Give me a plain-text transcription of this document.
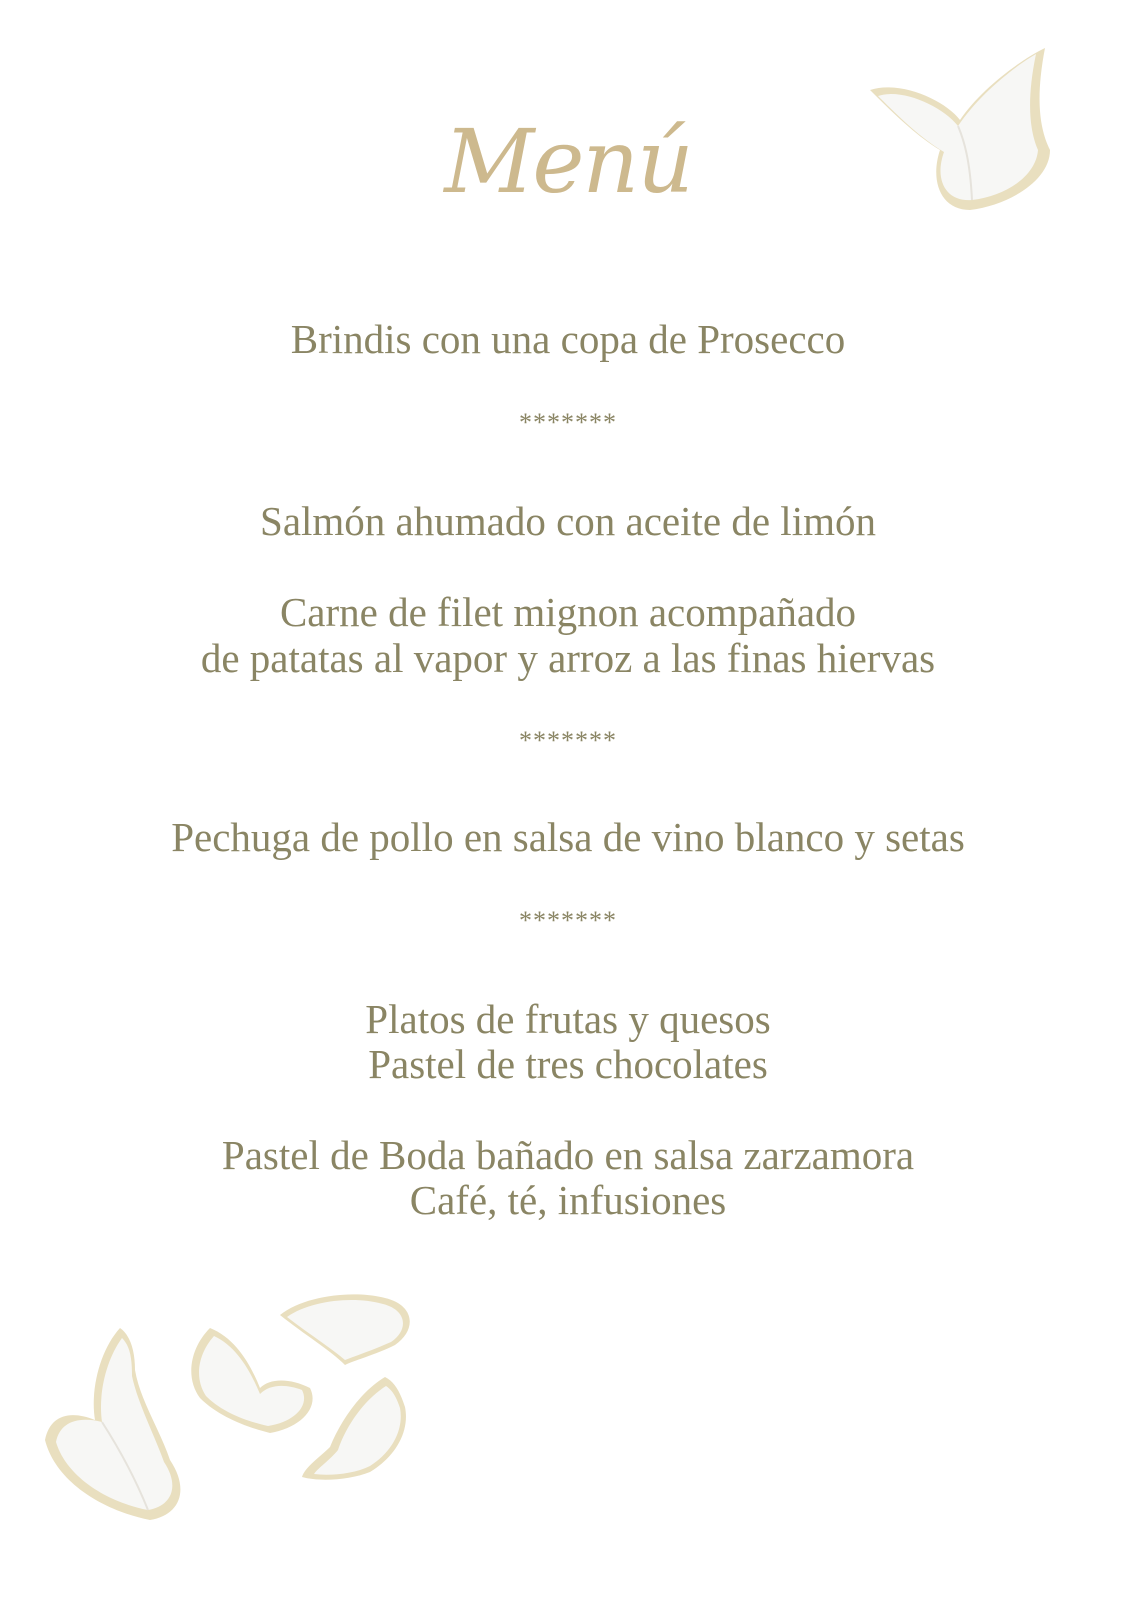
Menú
Brindis con una copa de Prosecco
*******
Salmón ahumado con aceite de limón
Carne de filet mignon acompañado
de patatas al vapor y arroz a las finas hiervas
*******
Pechuga de pollo en salsa de vino blanco y setas
*******
Platos de frutas y quesos
Pastel de tres chocolates
Pastel de Boda bañado en salsa zarzamora
Café, té, infusiones
